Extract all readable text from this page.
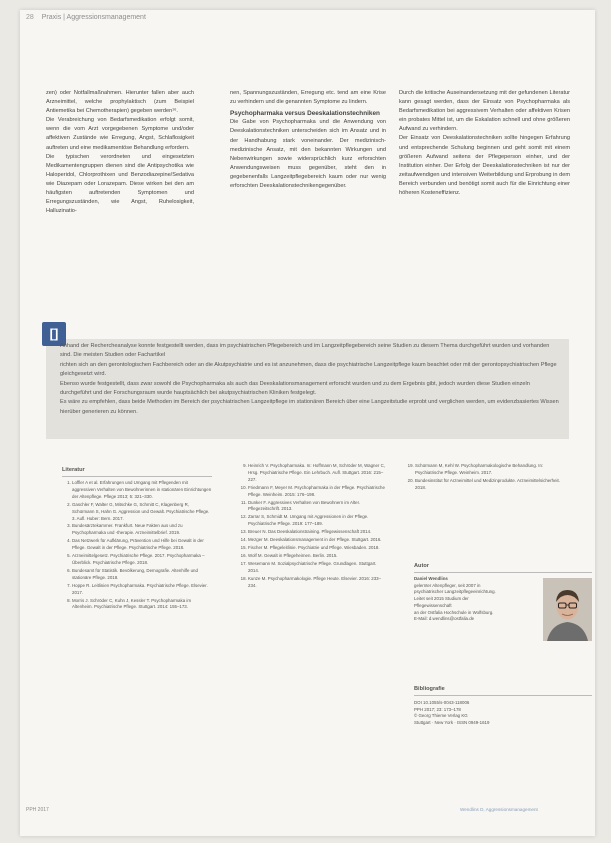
28 Praxis | Aggressionsmanagement

zen) oder Notfallmaßnahmen. Hierunter fallen aber auch Arzneimittel, welche prophylaktisch (zum Beispiel Antiemetika bei Chemotherapien) gegeben werden¹⁶.

Die Verabreichung von Bedarfsmedikation erfolgt somit, wenn die vom Arzt vorgegebenen Symptome und/oder affektiven Zustände wie Erregung, Angst, Schlaflosigkeit auftreten und eine medikamentöse Behandlung erfordern.

Die typischen verordneten und eingesetzten Medikamentengruppen dienen sind die Antipsychotika wie Haloperidol, Chlorprothixen und Benzodiazepine/Sedativa wie Diazepam oder Lorazepam. Diese wirken bei den am häufigsten auftretenden Symptomen und Erregungszuständen, wie Angst, Ruhelosigkeit, Halluzinatio-

nen, Spannungszuständen, Erregung etc. tend am eine Krise zu verhindern und die genannten Symptome zu lindern.

Psychopharmaka versus Deeskalationstechniken

Die Gabe von Psychopharmaka und die Anwendung von Deeskalationstechniken unterscheiden sich im Ansatz und in der Handhabung stark voneinander. Der medizinisch-medizinische Ansatz, mit den bekannten Wirkungen und Nebenwirkungen sowie widersprüchlich kurz erforschten Anwendungsweisen muss gegenüber, steht den in gegebenenfalls Langzeitpflegebereich kaum oder nur wenig erforschten Deeskalationstechnikengegenüber.

Durch die kritische Auseinandersetzung mit der gefundenen Literatur kann gesagt werden, dass der Einsatz von Psychopharmaka als Bedarfsmedikation bei aggressivem Verhalten oder affektiven Krisen ein probates Mittel ist, um die Eskalation schnell und ohne größeren Aufwand zu verhindern.

Der Einsatz von Deeskalationstechniken sollte hingegen Erfahrung und entsprechende Schulung beginnen und geht somit mit einem größeren Aufwand seitens der Pflegeperson einher, und der Institution einher. Der Erfolg der Deeskalationstechniken ist nur der zeitaufwendigen und intensiven Weiterbildung und Erprobung in dem Bereich verbunden und benötigt somit auch für die Einrichtung einer höheren Kosteneffizienz.

[]

Anhand der Rechercheanalyse konnte festgestellt werden, dass im psychiatrischen Pflegebereich und im Langzeitpflegebereich seine Studien zu diesem Thema durchgeführt wurden und vorhanden sind. Die meisten Studien oder Fachartikel

richten sich an den gerontologischen Fachbereich oder an die Akutpsychiatrie und es ist anzunehmen, dass die psychiatrische Langzeitpflege kaum beachtet oder mit der gerontopsychiatrischen Pflege gleichgesetzt wird.

Ebenso wurde festgestellt, dass zwar sowohl die Psychopharmaka als auch das Deeskalationsmanagement erforscht wurden und zu dem Ergebnis gibt, jedoch wurden diese Studien einzeln durchgeführt und der Forschungsraum wurde hauptsächlich bei akutpsychiatrischen Kliniken festgelegt.

Es wäre zu empfehlen, dass beide Methoden im Bereich der psychiatrischen Langzeitpflege im stationären Bereich über eine Langzeitstudie erprobt und verglichen werden, um evidenzbasiertes Wissen hierüber generieren zu können.

Literatur
1. Loffler A et al. Erfahrungen und Umgang mit Pflegenden mit aggressiven Verhalten von Bewohnerinnen in stationären Einrichtungen der Altenpflege. Pflege 2013; 5: 321–330.
2. Gaschler F, Walter G, Mitschke G, Schmitt C, Klagenberg R, Schürmann S, Hahn G. Aggression und Gewalt. Psychiatrische Pflege. 3. Aufl. Huber: Bern. 2017.
3. Bundesärztekammer. Frankfurt. Neue Fakten aus und zu Psychopharmaka und -therapie. Arzneimittelbrief. 2019.
4. Das Netzwerk für Aufklärung, Prävention und Hilfe bei Gewalt in der Pflege. Gewalt in der Pflege. Psychiatrische Pflege. 2018.
5. Arzneimittelgesetz. Psychiatrische Pflege. 2017. Psychopharmaka – Überblick. Psychiatrische Pflege. 2018.
6. Bundesamt für Statistik. Bevölkerung, Demografie. Altenhilfe und stationäre Pflege. 2018.
7. Hoppe R. Leitlinien Psychopharmaka. Psychiatrische Pflege. Elsevier. 2017.
8. Morris J. Schröder C, Kuhn J, Kessler T. Psychopharmaka im Altenheim. Psychiatrische Pflege. Stuttgart. 2014: 155–173.
9. Heinrich V. Psychopharmaka. In: Hoffmann M, Schröder M, Wagner C, Hrsg. Psychiatrische Pflege. Ein Lehrbuch. Aufl. Stuttgart. 2016: 215–227.
10. Friedmann F, Meyer M. Psychopharmaka in der Pflege. Psychiatrische Pflege. Weinheim. 2015: 176–198.
11. Dunker F. Aggressives Verhalten von Bewohnern im Alter. Pflegezeitschrift. 2013.
12. Zarrar S, Schmidt M. Umgang mit Aggressionen in der Pflege. Psychiatrische Pflege. 2019: 177–189.
13. Breuer N. Das Deeskalationstraining. Pflegewissenschaft 2014.
14. Mezger M. Deeskalationsmanagement in der Pflege. Stuttgart. 2016.
15. Fischer M. Pflegeleitlinie. Psychiatrie und Pflege. Wiesbaden. 2018.
16. Wolf M. Gewalt in Pflegeheimen. Berlin. 2015.
17. Wesemann M. Sozialpsychiatrische Pflege. Grundlagen. Stuttgart. 2014.
18. Kunze M. Psychopharmakologie. Pflege Heute. Elsevier. 2016: 233–234.
19. Schürmann M, Kehl W. Psychopharmakologische Behandlung. In: Psychiatrische Pflege. Weinheim. 2017.
20. Bundesinstitut für Arzneimittel und Medizinprodukte. Arzneimittelsicherheit. 2018.
Autor

Daniel Wendlins

gelernter Altenpfleger, seit 2007 in

psychiatrischer Langzeitpflegeeinrichtung.

Leitet seit 2015 Studium der Pflegewissenschaft

an der Ostfalia Hochschule in Wolfsburg.

E-Mail: d.wendlins@ostfalia.de

Bibliografie

DOI 10.1055/s-0043-118006

PPH 2017; 23: 173–178

© Georg Thieme Verlag KG

Stuttgart · New York · ISSN 0949-1619

PPH 2017	Wendlins D, Aggressionsmanagement
